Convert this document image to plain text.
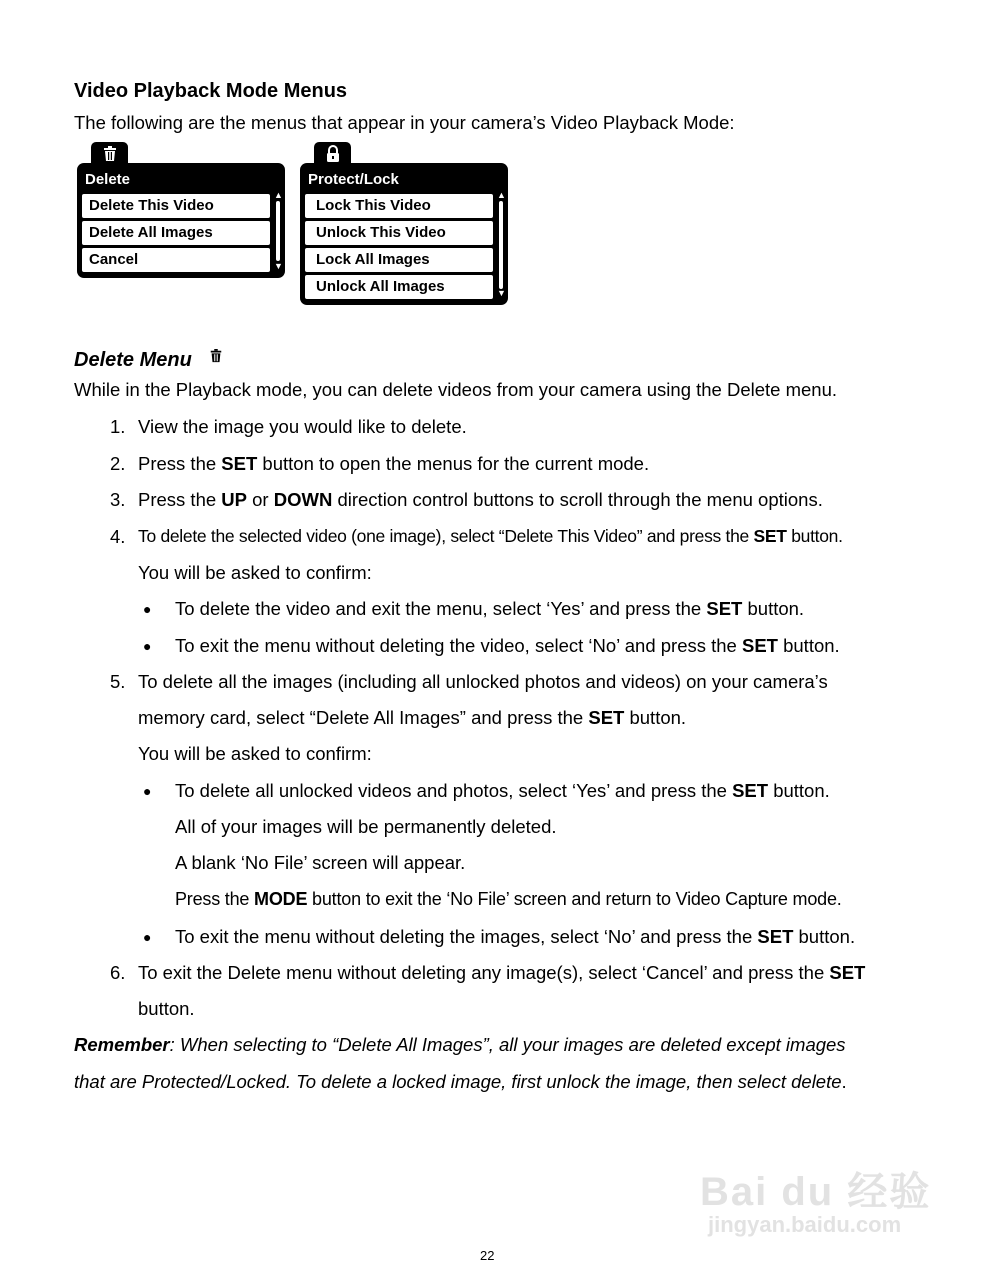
Video Playback Mode Menus
The following are the menus that appear in your camera’s Video Playback Mode:
Delete
Delete This Video
Delete All Images
Cancel
▲
▼
Protect/Lock
Lock This Video
Unlock This Video
Lock All Images
Unlock All Images
▲
▼
Delete Menu
While in the Playback mode, you can delete videos from your camera using the Delete menu.
1. View the image you would like to delete.
2. Press the SET button to open the menus for the current mode.
3. Press the UP or DOWN direction control buttons to scroll through the menu options.
4. To delete the selected video (one image), select “Delete This Video” and press the SET button.
You will be asked to confirm:
● To delete the video and exit the menu, select ‘Yes’ and press the SET button.
● To exit the menu without deleting the video, select ‘No’ and press the SET button.
5. To delete all the images (including all unlocked photos and videos) on your camera’s
memory card, select “Delete All Images” and press the SET button.
You will be asked to confirm:
● To delete all unlocked videos and photos, select ‘Yes’ and press the SET button.
All of your images will be permanently deleted.
A blank ‘No File’ screen will appear.
Press the MODE button to exit the ‘No File’ screen and return to Video Capture mode.
● To exit the menu without deleting the images, select ‘No’ and press the SET button.
6. To exit the Delete menu without deleting any image(s), select ‘Cancel’ and press the SET
button.
Remember: When selecting to “Delete All Images”, all your images are deleted except images
that are Protected/Locked. To delete a locked image, first unlock the image, then select delete.
Bai du 经验
jingyan.baidu.com
22
